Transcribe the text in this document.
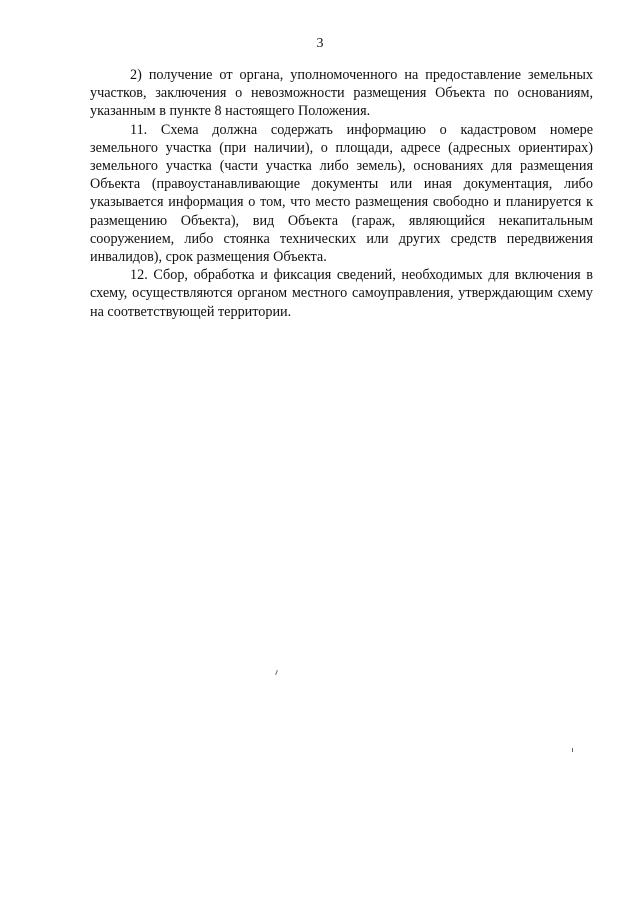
3

2) получение от органа, уполномоченного на предоставление земельных участков, заключения о невозможности размещения Объекта по основаниям, указанным в пункте 8 настоящего Положения.

11. Схема должна содержать информацию о кадастровом номере земельного участка (при наличии), о площади, адресе (адресных ориентирах) земельного участка (части участка либо земель), основаниях для размещения Объекта (правоустанавливающие документы или иная документация, либо указывается информация о том, что место размещения свободно и планируется к размещению Объекта), вид Объекта (гараж, являющийся некапитальным сооружением, либо стоянка технических или других средств передвижения инвалидов), срок размещения Объекта.

12. Сбор, обработка и фиксация сведений, необходимых для включения в схему, осуществляются органом местного самоуправления, утверждающим схему на соответствующей территории.
